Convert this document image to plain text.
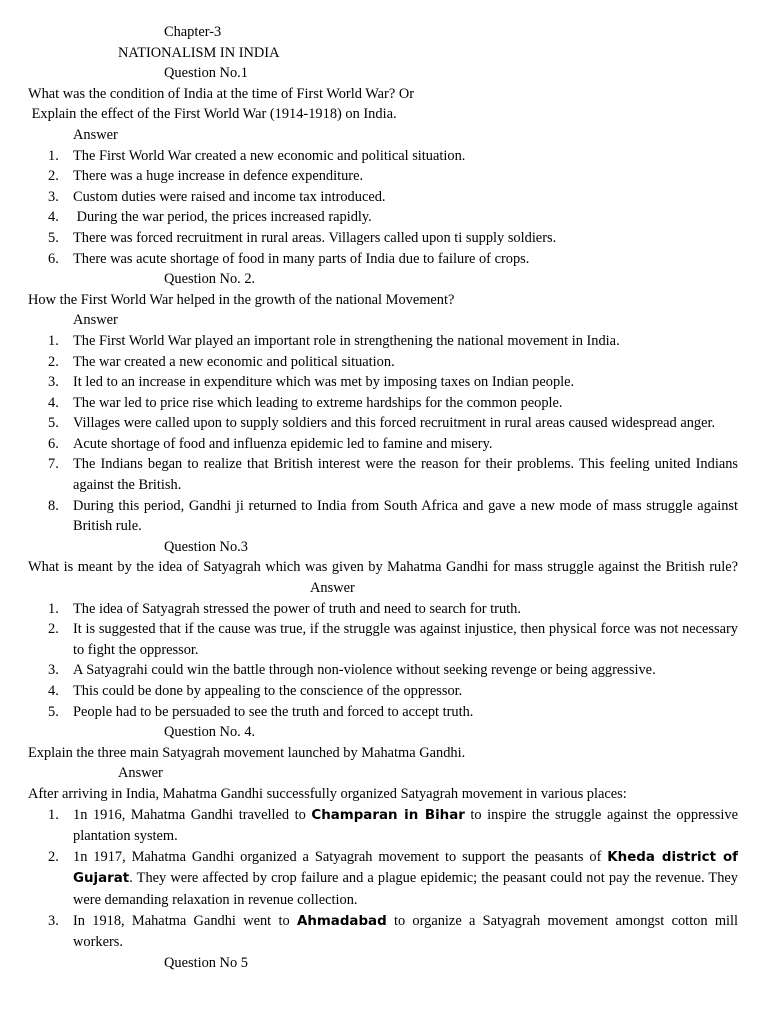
Chapter-3
NATIONALISM IN INDIA
Question No.1
What was the condition of India at the time of First World War? Or
Explain the effect of the First World War (1914-1918) on India.
Answer
1. The First World War created a new economic and political situation.
2. There was a huge increase in defence expenditure.
3. Custom duties were raised and income tax introduced.
4. During the war period, the prices increased rapidly.
5. There was forced recruitment in rural areas. Villagers called upon ti supply soldiers.
6. There was acute shortage of food in many parts of India due to failure of crops.
Question No. 2.
How the First World War helped in the growth of the national Movement?
Answer
1. The First World War played an important role in strengthening the national movement in India.
2. The war created a new economic and political situation.
3. It led to an increase in expenditure which was met by imposing taxes on Indian people.
4. The war led to price rise which leading to extreme hardships for the common people.
5. Villages were called upon to supply soldiers and this forced recruitment in rural areas caused widespread anger.
6. Acute shortage of food and influenza epidemic led to famine and misery.
7. The Indians began to realize that British interest were the reason for their problems. This feeling united Indians against the British.
8. During this period, Gandhi ji returned to India from South Africa and gave a new mode of mass struggle against British rule.
Question No.3
What is meant by the idea of Satyagrah which was given by Mahatma Gandhi for mass struggle against the British rule? Answer
1. The idea of Satyagrah stressed the power of truth and need to search for truth.
2. It is suggested that if the cause was true, if the struggle was against injustice, then physical force was not necessary to fight the oppressor.
3. A Satyagrahi could win the battle through non-violence without seeking revenge or being aggressive.
4. This could be done by appealing to the conscience of the oppressor.
5. People had to be persuaded to see the truth and forced to accept truth.
Question No. 4.
Explain the three main Satyagrah movement launched by Mahatma Gandhi.
Answer
After arriving in India, Mahatma Gandhi successfully organized Satyagrah movement in various places:
1. 1n 1916, Mahatma Gandhi travelled to Champaran in Bihar to inspire the struggle against the oppressive plantation system.
2. 1n 1917, Mahatma Gandhi organized a Satyagrah movement to support the peasants of Kheda district of Gujarat. They were affected by crop failure and a plague epidemic; the peasant could not pay the revenue. They were demanding relaxation in revenue collection.
3. In 1918, Mahatma Gandhi went to Ahmadabad to organize a Satyagrah movement amongst cotton mill workers.
Question No 5
